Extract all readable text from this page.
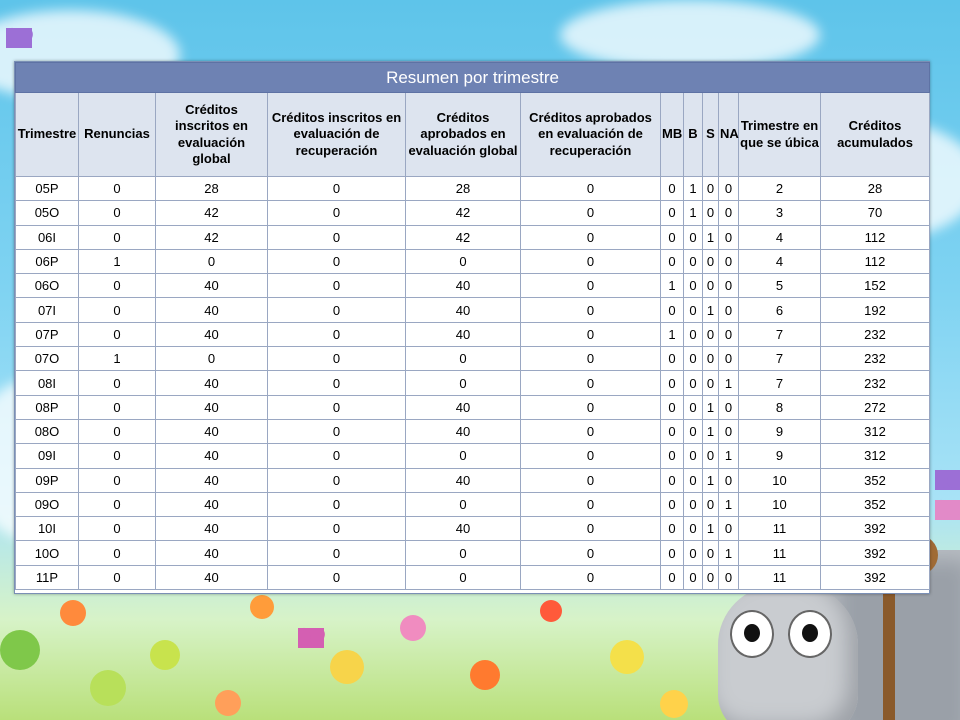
Resumen por trimestre											
Trimestre	Renuncias	Créditos inscritos en evaluación global	Créditos inscritos en evaluación de recuperación	Créditos aprobados en evaluación global	Créditos aprobados en evaluación de recuperación	MB	B	S	NA	Trimestre en que se úbica	Créditos acumulados
05P	0	28	0	28	0	0	1	0	0	2	28
05O	0	42	0	42	0	0	1	0	0	3	70
06I	0	42	0	42	0	0	0	1	0	4	112
06P	1	0	0	0	0	0	0	0	0	4	112
06O	0	40	0	40	0	1	0	0	0	5	152
07I	0	40	0	40	0	0	0	1	0	6	192
07P	0	40	0	40	0	1	0	0	0	7	232
07O	1	0	0	0	0	0	0	0	0	7	232
08I	0	40	0	0	0	0	0	0	1	7	232
08P	0	40	0	40	0	0	0	1	0	8	272
08O	0	40	0	40	0	0	0	1	0	9	312
09I	0	40	0	0	0	0	0	0	1	9	312
09P	0	40	0	40	0	0	0	1	0	10	352
09O	0	40	0	0	0	0	0	0	1	10	352
10I	0	40	0	40	0	0	0	1	0	11	392
10O	0	40	0	0	0	0	0	0	1	11	392
11P	0	40	0	0	0	0	0	0	0	11	392
